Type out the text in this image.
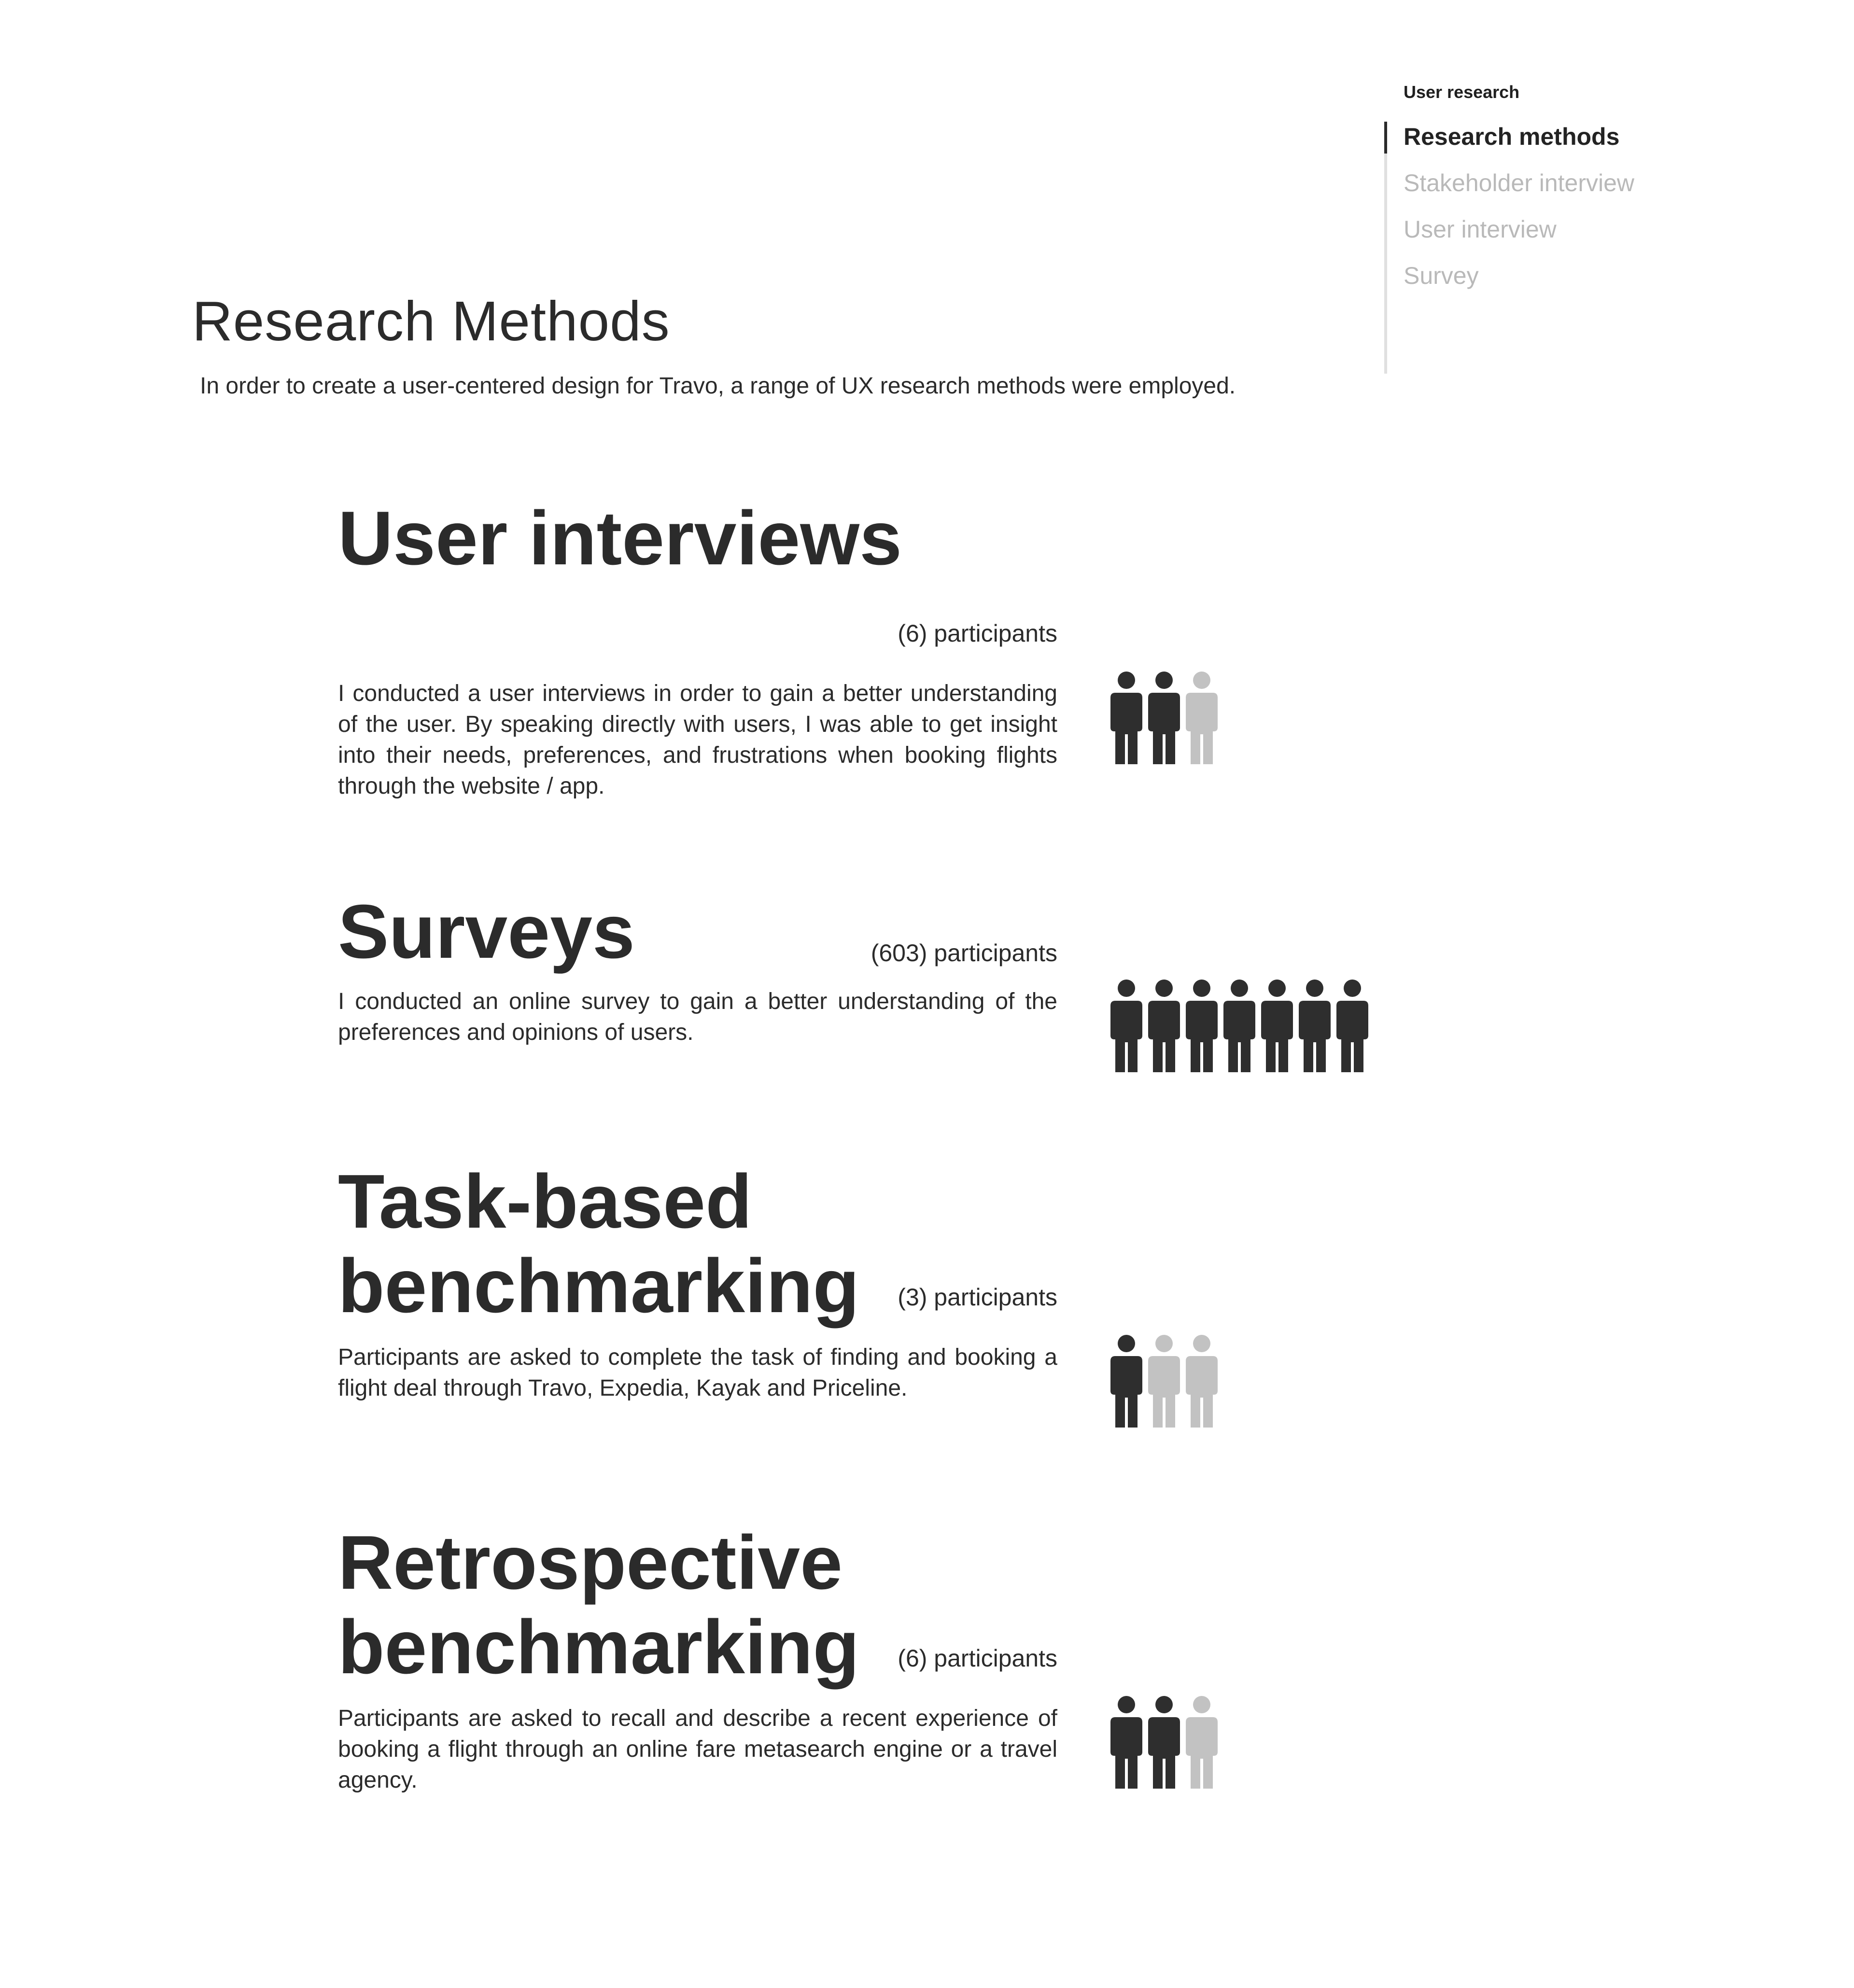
User research

Research methods
Stakeholder interview
User interview
Survey
Research Methods

In order to create a user-centered design for Travo, a range of UX research methods were employed.

User interviews
(6) participants

I conducted a user interviews in order to gain a better understanding of the user. By speaking directly with users, I was able to get insight into their needs, preferences, and frustrations when booking flights through the website / app.

Surveys	(603) participants

I conducted an online survey to gain a better understanding of the preferences and opinions of users.

Task-based benchmarking	(3) participants

Participants are asked to complete the task of finding and booking a flight deal through Travo, Expedia, Kayak and Priceline.

Retrospective benchmarking	(6) participants

Participants are asked to recall and describe a recent experience of booking a flight through an online fare metasearch engine or a travel agency.
